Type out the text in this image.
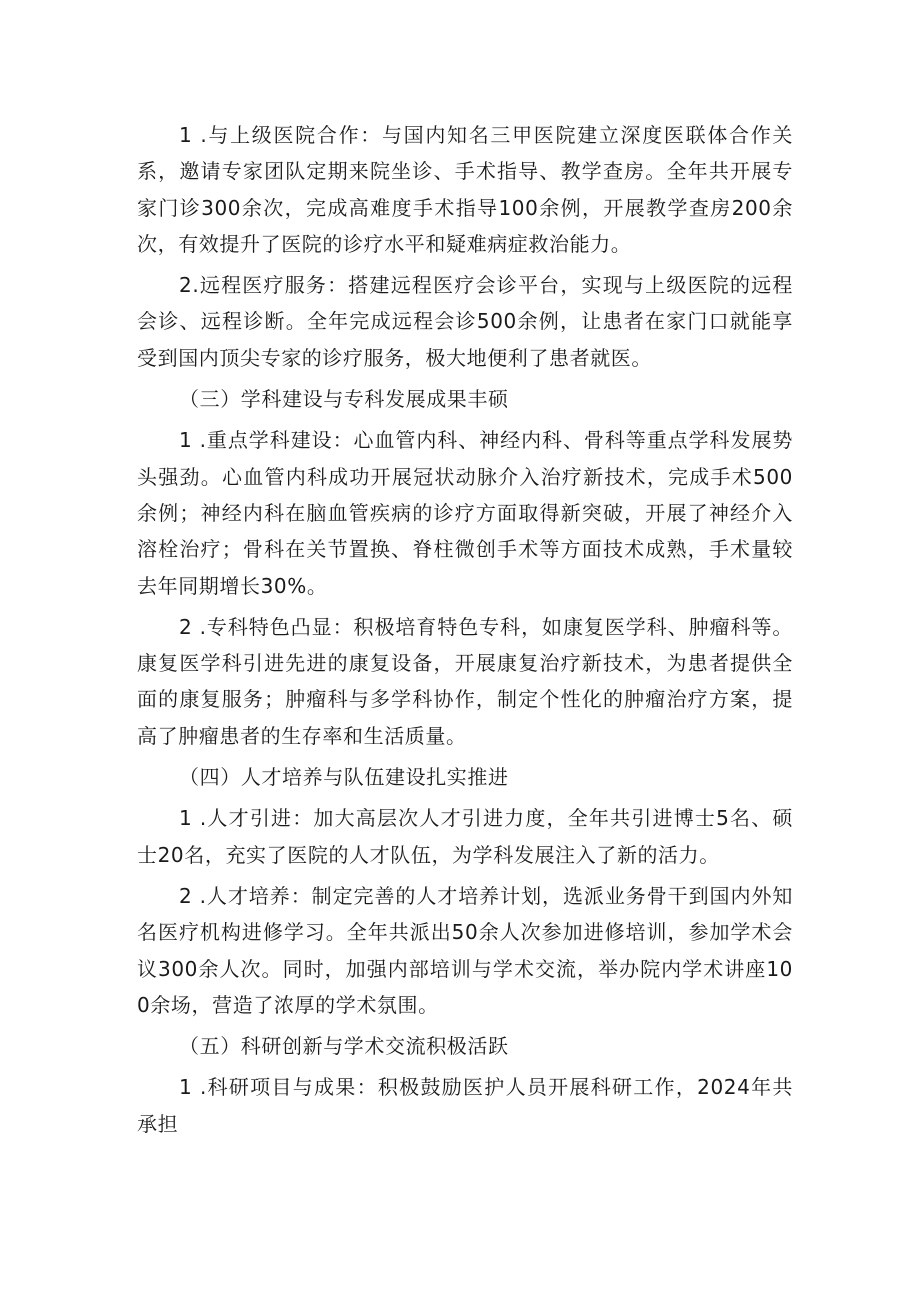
1 .与上级医院合作：与国内知名三甲医院建立深度医联体合作关系，邀请专家团队定期来院坐诊、手术指导、教学查房。全年共开展专家门诊300余次，完成高难度手术指导100余例，开展教学查房200余次，有效提升了医院的诊疗水平和疑难病症救治能力。

2.远程医疗服务：搭建远程医疗会诊平台，实现与上级医院的远程会诊、远程诊断。全年完成远程会诊500余例，让患者在家门口就能享受到国内顶尖专家的诊疗服务，极大地便利了患者就医。

（三）学科建设与专科发展成果丰硕

1 .重点学科建设：心血管内科、神经内科、骨科等重点学科发展势头强劲。心血管内科成功开展冠状动脉介入治疗新技术，完成手术500余例；神经内科在脑血管疾病的诊疗方面取得新突破，开展了神经介入溶栓治疗；骨科在关节置换、脊柱微创手术等方面技术成熟，手术量较去年同期增长30%。

2 .专科特色凸显：积极培育特色专科，如康复医学科、肿瘤科等。康复医学科引进先进的康复设备，开展康复治疗新技术，为患者提供全面的康复服务；肿瘤科与多学科协作，制定个性化的肿瘤治疗方案，提高了肿瘤患者的生存率和生活质量。

（四）人才培养与队伍建设扎实推进

1 .人才引进：加大高层次人才引进力度，全年共引进博士5名、硕士20名，充实了医院的人才队伍，为学科发展注入了新的活力。

2 .人才培养：制定完善的人才培养计划，选派业务骨干到国内外知名医疗机构进修学习。全年共派出50余人次参加进修培训，参加学术会议300余人次。同时，加强内部培训与学术交流，举办院内学术讲座100余场，营造了浓厚的学术氛围。

（五）科研创新与学术交流积极活跃

1 .科研项目与成果：积极鼓励医护人员开展科研工作，2024年共承担
